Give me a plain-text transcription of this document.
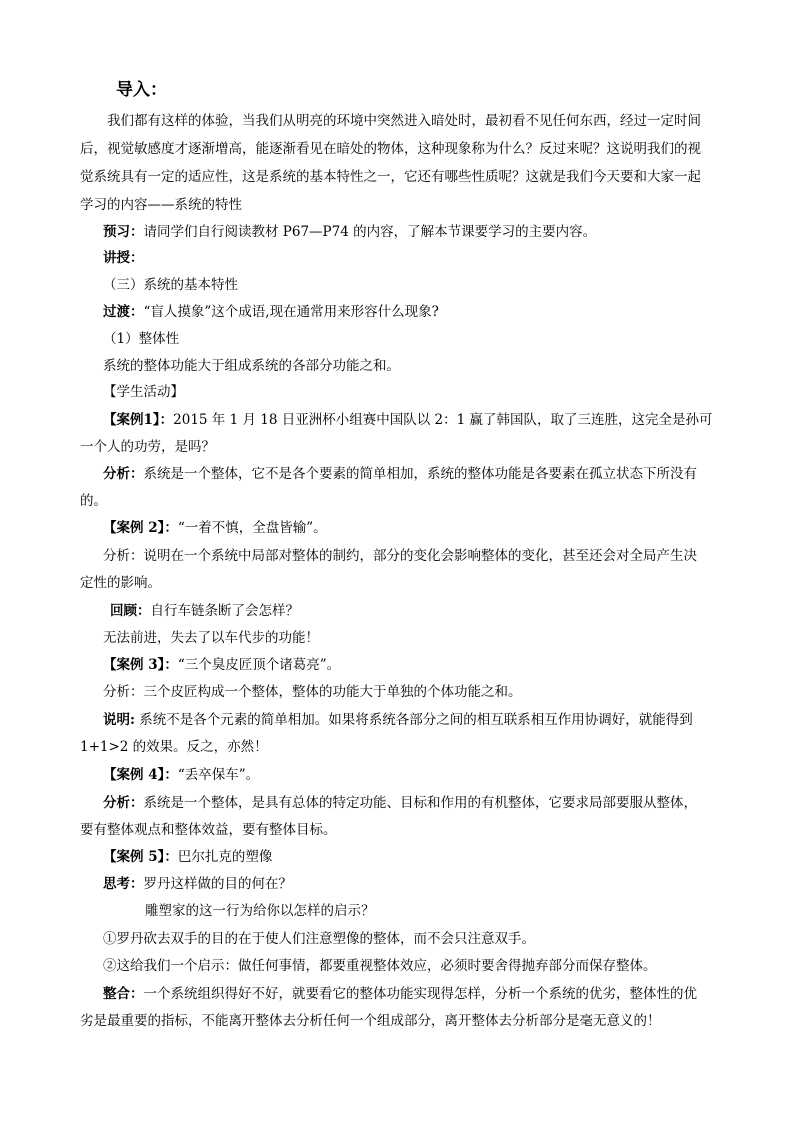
导入：
我们都有这样的体验，当我们从明亮的环境中突然进入暗处时，最初看不见任何东西，经过一定时间
后，视觉敏感度才逐渐增高，能逐渐看见在暗处的物体，这种现象称为什么？反过来呢？这说明我们的视
觉系统具有一定的适应性，这是系统的基本特性之一，它还有哪些性质呢？这就是我们今天要和大家一起
学习的内容——系统的特性
预习：请同学们自行阅读教材 P67—P74 的内容，了解本节课要学习的主要内容。
讲授：
（三）系统的基本特性
过渡：“盲人摸象”这个成语,现在通常用来形容什么现象?
（1）整体性
系统的整体功能大于组成系统的各部分功能之和。
【学生活动】
【案例1】：2015 年 1 月 18 日亚洲杯小组赛中国队以 2：1 赢了韩国队，取了三连胜，这完全是孙可
一个人的功劳，是吗？
分析：系统是一个整体，它不是各个要素的简单相加，系统的整体功能是各要素在孤立状态下所没有
的。
【案例 2】：“一着不慎，全盘皆输”。
分析：说明在一个系统中局部对整体的制约，部分的变化会影响整体的变化，甚至还会对全局产生决
定性的影响。
回顾：自行车链条断了会怎样？
无法前进，失去了以车代步的功能！
【案例 3】：“三个臭皮匠顶个诸葛亮”。
分析：三个皮匠构成一个整体，整体的功能大于单独的个体功能之和。
说明: 系统不是各个元素的简单相加。如果将系统各部分之间的相互联系相互作用协调好，就能得到
1+1>2 的效果。反之，亦然！
【案例 4】：“丢卒保车”。
分析：系统是一个整体，是具有总体的特定功能、目标和作用的有机整体，它要求局部要服从整体，
要有整体观点和整体效益，要有整体目标。
【案例 5】：巴尔扎克的塑像
思考：罗丹这样做的目的何在？
雕塑家的这一行为给你以怎样的启示？
①罗丹砍去双手的目的在于使人们注意塑像的整体，而不会只注意双手。
②这给我们一个启示：做任何事情，都要重视整体效应，必须时要舍得抛弃部分而保存整体。
整合：一个系统组织得好不好，就要看它的整体功能实现得怎样，分析一个系统的优劣，整体性的优
劣是最重要的指标，不能离开整体去分析任何一个组成部分，离开整体去分析部分是毫无意义的！
